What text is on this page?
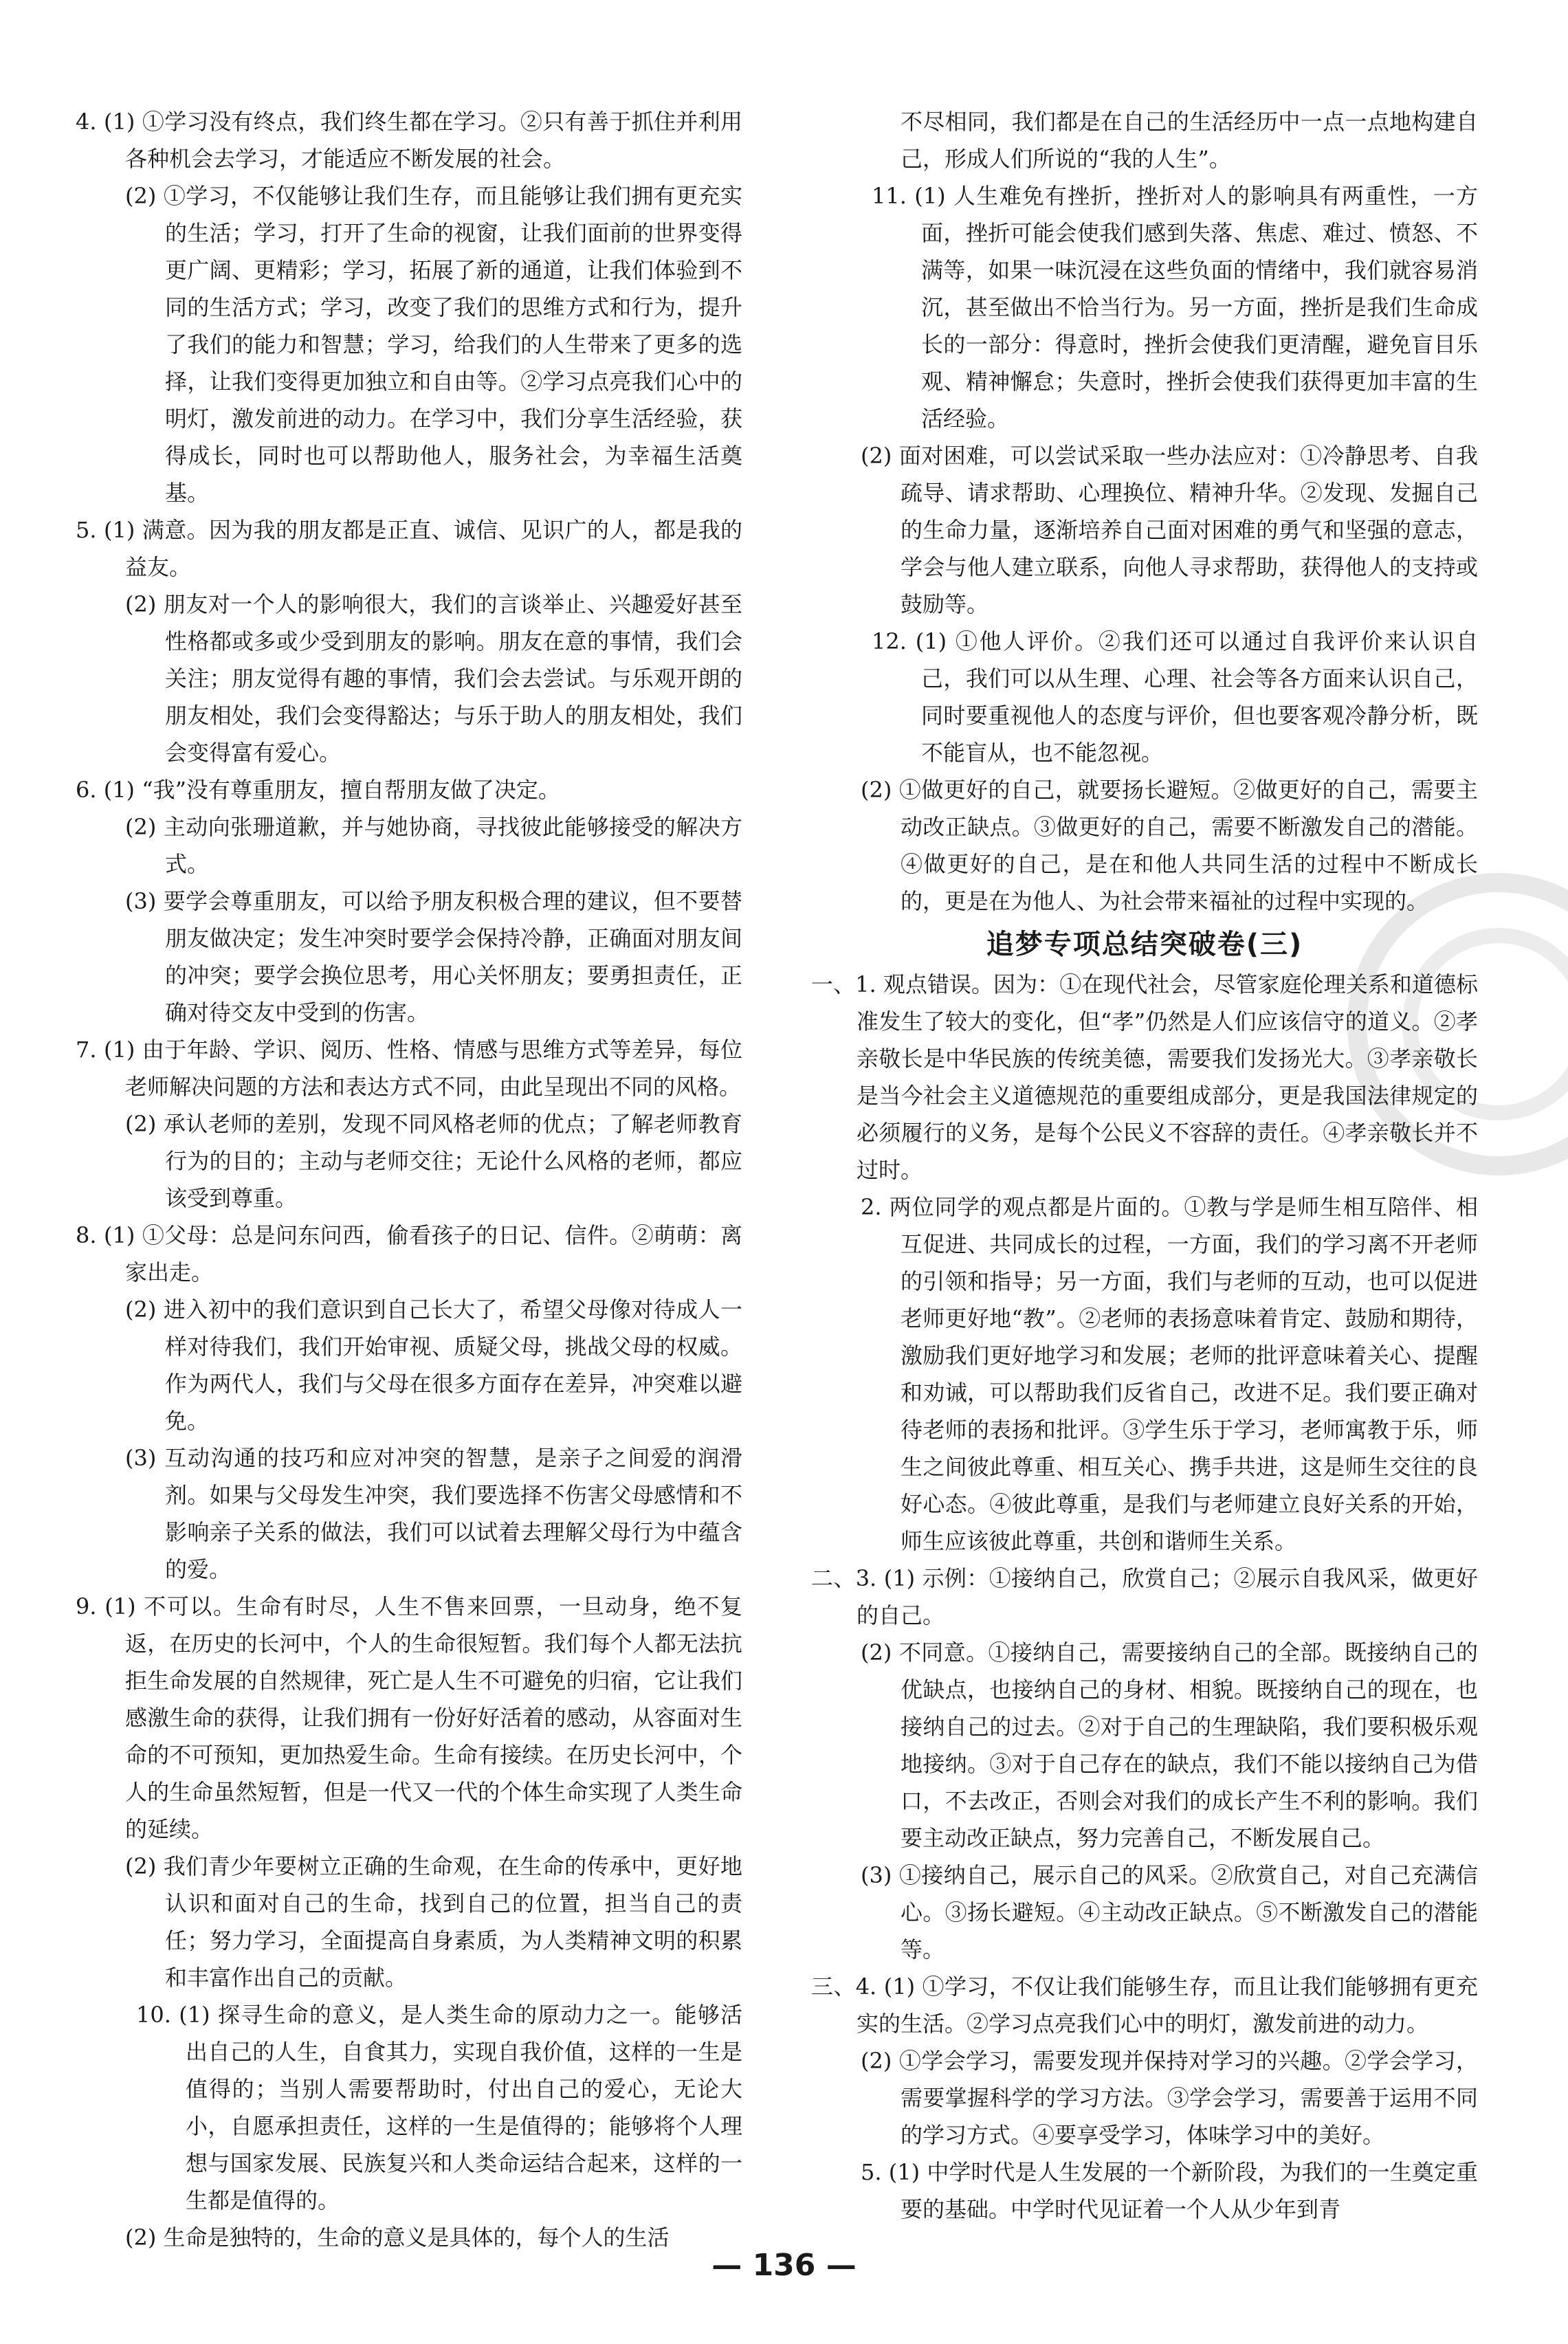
4. (1) ①学习没有终点，我们终生都在学习。②只有善于抓住并利用各种机会去学习，才能适应不断发展的社会。

(2) ①学习，不仅能够让我们生存，而且能够让我们拥有更充实的生活；学习，打开了生命的视窗，让我们面前的世界变得更广阔、更精彩；学习，拓展了新的通道，让我们体验到不同的生活方式；学习，改变了我们的思维方式和行为，提升了我们的能力和智慧；学习，给我们的人生带来了更多的选择，让我们变得更加独立和自由等。②学习点亮我们心中的明灯，激发前进的动力。在学习中，我们分享生活经验，获得成长，同时也可以帮助他人，服务社会，为幸福生活奠基。

5. (1) 满意。因为我的朋友都是正直、诚信、见识广的人，都是我的益友。

(2) 朋友对一个人的影响很大，我们的言谈举止、兴趣爱好甚至性格都或多或少受到朋友的影响。朋友在意的事情，我们会关注；朋友觉得有趣的事情，我们会去尝试。与乐观开朗的朋友相处，我们会变得豁达；与乐于助人的朋友相处，我们会变得富有爱心。

6. (1) “我”没有尊重朋友，擅自帮朋友做了决定。

(2) 主动向张珊道歉，并与她协商，寻找彼此能够接受的解决方式。

(3) 要学会尊重朋友，可以给予朋友积极合理的建议，但不要替朋友做决定；发生冲突时要学会保持冷静，正确面对朋友间的冲突；要学会换位思考，用心关怀朋友；要勇担责任，正确对待交友中受到的伤害。

7. (1) 由于年龄、学识、阅历、性格、情感与思维方式等差异，每位老师解决问题的方法和表达方式不同，由此呈现出不同的风格。

(2) 承认老师的差别，发现不同风格老师的优点；了解老师教育行为的目的；主动与老师交往；无论什么风格的老师，都应该受到尊重。

8. (1) ①父母：总是问东问西，偷看孩子的日记、信件。②萌萌：离家出走。

(2) 进入初中的我们意识到自己长大了，希望父母像对待成人一样对待我们，我们开始审视、质疑父母，挑战父母的权威。作为两代人，我们与父母在很多方面存在差异，冲突难以避免。

(3) 互动沟通的技巧和应对冲突的智慧，是亲子之间爱的润滑剂。如果与父母发生冲突，我们要选择不伤害父母感情和不影响亲子关系的做法，我们可以试着去理解父母行为中蕴含的爱。

9. (1) 不可以。生命有时尽，人生不售来回票，一旦动身，绝不复返，在历史的长河中，个人的生命很短暂。我们每个人都无法抗拒生命发展的自然规律，死亡是人生不可避免的归宿，它让我们感激生命的获得，让我们拥有一份好好活着的感动，从容面对生命的不可预知，更加热爱生命。生命有接续。在历史长河中，个人的生命虽然短暂，但是一代又一代的个体生命实现了人类生命的延续。

(2) 我们青少年要树立正确的生命观，在生命的传承中，更好地认识和面对自己的生命，找到自己的位置，担当自己的责任；努力学习，全面提高自身素质，为人类精神文明的积累和丰富作出自己的贡献。

10. (1) 探寻生命的意义，是人类生命的原动力之一。能够活出自己的人生，自食其力，实现自我价值，这样的一生是值得的；当别人需要帮助时，付出自己的爱心，无论大小，自愿承担责任，这样的一生是值得的；能够将个人理想与国家发展、民族复兴和人类命运结合起来，这样的一生都是值得的。

(2) 生命是独特的，生命的意义是具体的，每个人的生活

不尽相同，我们都是在自己的生活经历中一点一点地构建自己，形成人们所说的“我的人生”。

11. (1) 人生难免有挫折，挫折对人的影响具有两重性，一方面，挫折可能会使我们感到失落、焦虑、难过、愤怒、不满等，如果一味沉浸在这些负面的情绪中，我们就容易消沉，甚至做出不恰当行为。另一方面，挫折是我们生命成长的一部分：得意时，挫折会使我们更清醒，避免盲目乐观、精神懈怠；失意时，挫折会使我们获得更加丰富的生活经验。

(2) 面对困难，可以尝试采取一些办法应对：①冷静思考、自我疏导、请求帮助、心理换位、精神升华。②发现、发掘自己的生命力量，逐渐培养自己面对困难的勇气和坚强的意志，学会与他人建立联系，向他人寻求帮助，获得他人的支持或鼓励等。

12. (1) ①他人评价。②我们还可以通过自我评价来认识自己，我们可以从生理、心理、社会等各方面来认识自己，同时要重视他人的态度与评价，但也要客观冷静分析，既不能盲从，也不能忽视。

(2) ①做更好的自己，就要扬长避短。②做更好的自己，需要主动改正缺点。③做更好的自己，需要不断激发自己的潜能。④做更好的自己，是在和他人共同生活的过程中不断成长的，更是在为他人、为社会带来福祉的过程中实现的。

追梦专项总结突破卷(三)

一、1. 观点错误。因为：①在现代社会，尽管家庭伦理关系和道德标准发生了较大的变化，但“孝”仍然是人们应该信守的道义。②孝亲敬长是中华民族的传统美德，需要我们发扬光大。③孝亲敬长是当今社会主义道德规范的重要组成部分，更是我国法律规定的必须履行的义务，是每个公民义不容辞的责任。④孝亲敬长并不过时。

2. 两位同学的观点都是片面的。①教与学是师生相互陪伴、相互促进、共同成长的过程，一方面，我们的学习离不开老师的引领和指导；另一方面，我们与老师的互动，也可以促进老师更好地“教”。②老师的表扬意味着肯定、鼓励和期待，激励我们更好地学习和发展；老师的批评意味着关心、提醒和劝诫，可以帮助我们反省自己，改进不足。我们要正确对待老师的表扬和批评。③学生乐于学习，老师寓教于乐，师生之间彼此尊重、相互关心、携手共进，这是师生交往的良好心态。④彼此尊重，是我们与老师建立良好关系的开始，师生应该彼此尊重，共创和谐师生关系。

二、3. (1) 示例：①接纳自己，欣赏自己；②展示自我风采，做更好的自己。

(2) 不同意。①接纳自己，需要接纳自己的全部。既接纳自己的优缺点，也接纳自己的身材、相貌。既接纳自己的现在，也接纳自己的过去。②对于自己的生理缺陷，我们要积极乐观地接纳。③对于自己存在的缺点，我们不能以接纳自己为借口，不去改正，否则会对我们的成长产生不利的影响。我们要主动改正缺点，努力完善自己，不断发展自己。

(3) ①接纳自己，展示自己的风采。②欣赏自己，对自己充满信心。③扬长避短。④主动改正缺点。⑤不断激发自己的潜能等。

三、4. (1) ①学习，不仅让我们能够生存，而且让我们能够拥有更充实的生活。②学习点亮我们心中的明灯，激发前进的动力。

(2) ①学会学习，需要发现并保持对学习的兴趣。②学会学习，需要掌握科学的学习方法。③学会学习，需要善于运用不同的学习方式。④要享受学习，体味学习中的美好。

5. (1) 中学时代是人生发展的一个新阶段，为我们的一生奠定重要的基础。中学时代见证着一个人从少年到青

— 136 —
